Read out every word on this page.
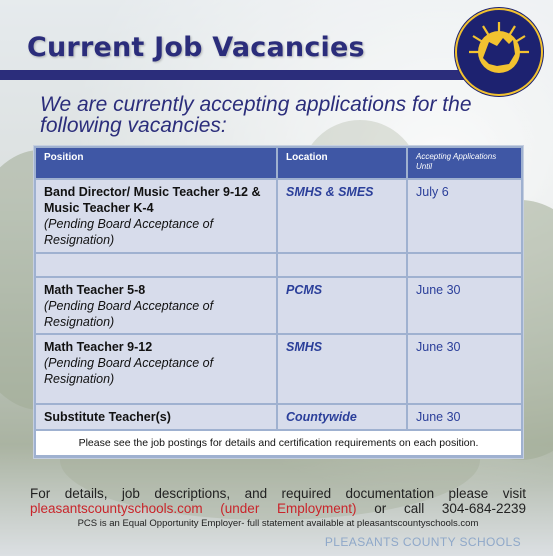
Current Job Vacancies
We are currently accepting applications for the following vacancies:
Position	Location	Accepting Applications Until
Band Director/ Music Teacher 9-12 & Music Teacher K-4
(Pending Board Acceptance of Resignation)
SMHS & SMES	July 6
Math Teacher 5-8
(Pending Board Acceptance of Resignation)
PCMS	June 30
Math Teacher 9-12
(Pending Board Acceptance of Resignation)
SMHS	June 30
Substitute Teacher(s)	Countywide	June 30
Please see the job postings for details and certification requirements on each position.
For details, job descriptions, and required documentation please visit pleasantscountyschools.com (under Employment) or call 304-684-2239
PCS is an Equal Opportunity Employer- full statement available at pleasantscountyschools.com
PLEASANTS COUNTY SCHOOLS
